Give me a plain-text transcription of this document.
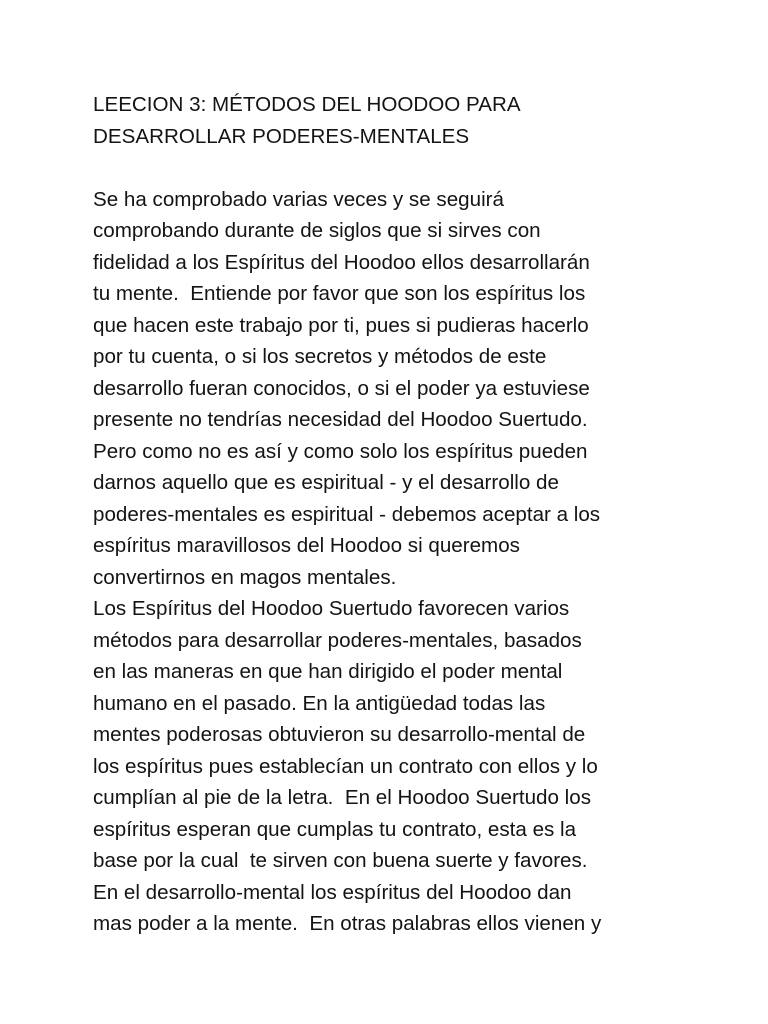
LEECION 3: MÉTODOS DEL HOODOO PARA
DESARROLLAR PODERES-MENTALES
Se ha comprobado varias veces y se seguirá
comprobando durante de siglos que si sirves con
fidelidad a los Espíritus del Hoodoo ellos desarrollarán
tu mente.  Entiende por favor que son los espíritus los
que hacen este trabajo por ti, pues si pudieras hacerlo
por tu cuenta, o si los secretos y métodos de este
desarrollo fueran conocidos, o si el poder ya estuviese
presente no tendrías necesidad del Hoodoo Suertudo.
Pero como no es así y como solo los espíritus pueden
darnos aquello que es espiritual - y el desarrollo de
poderes-mentales es espiritual - debemos aceptar a los
espíritus maravillosos del Hoodoo si queremos
convertirnos en magos mentales.
Los Espíritus del Hoodoo Suertudo favorecen varios
métodos para desarrollar poderes-mentales, basados
en las maneras en que han dirigido el poder mental
humano en el pasado. En la antigüedad todas las
mentes poderosas obtuvieron su desarrollo-mental de
los espíritus pues establecían un contrato con ellos y lo
cumplían al pie de la letra.  En el Hoodoo Suertudo los
espíritus esperan que cumplas tu contrato, esta es la
base por la cual  te sirven con buena suerte y favores.
En el desarrollo-mental los espíritus del Hoodoo dan
mas poder a la mente.  En otras palabras ellos vienen y
